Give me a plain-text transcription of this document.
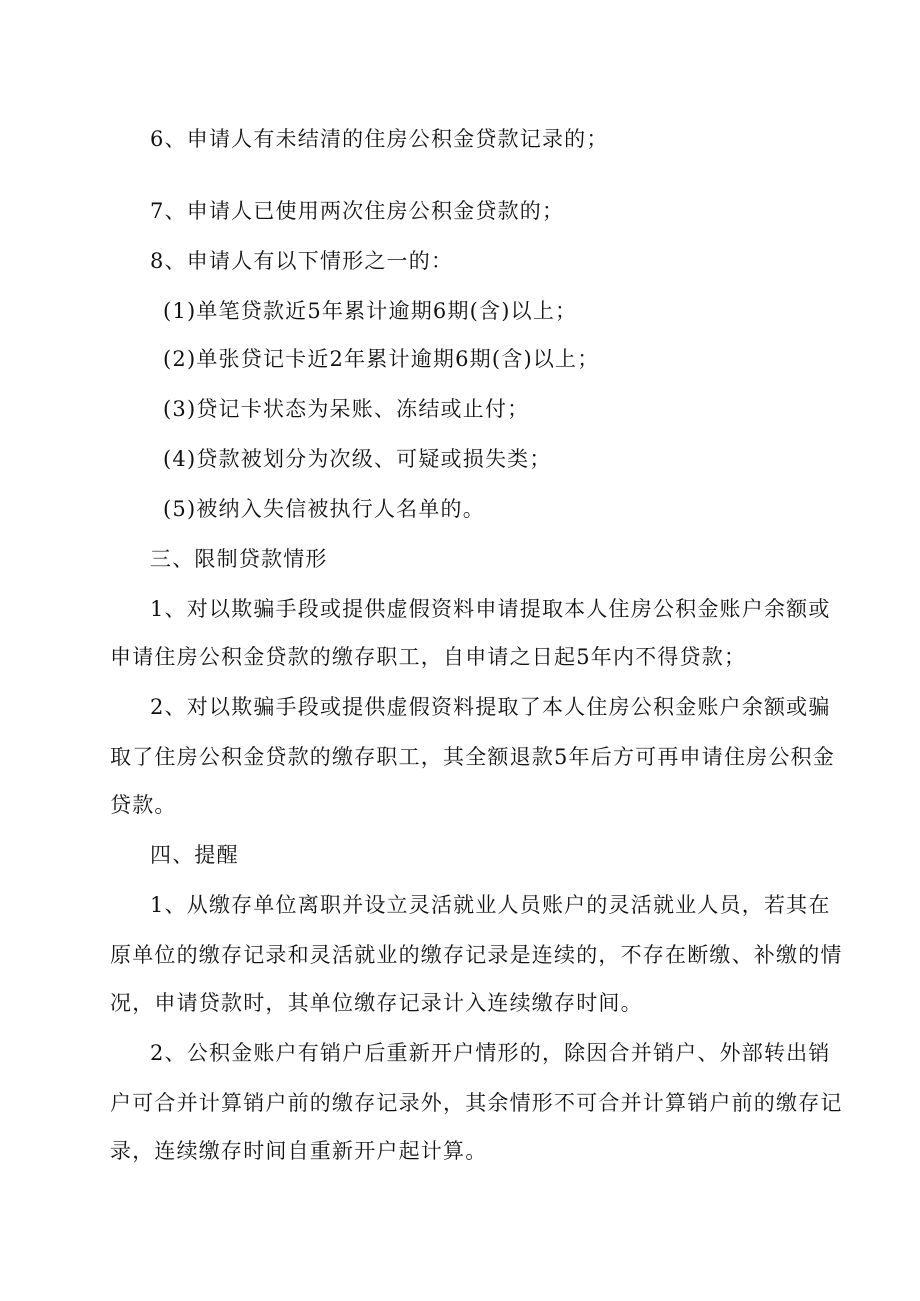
6、申请人有未结清的住房公积金贷款记录的；
7、申请人已使用两次住房公积金贷款的；
8、申请人有以下情形之一的：
(1)单笔贷款近5年累计逾期6期(含)以上；
(2)单张贷记卡近2年累计逾期6期(含)以上；
(3)贷记卡状态为呆账、冻结或止付；
(4)贷款被划分为次级、可疑或损失类；
(5)被纳入失信被执行人名单的。
三、限制贷款情形
1、对以欺骗手段或提供虚假资料申请提取本人住房公积金账户余额或
申请住房公积金贷款的缴存职工，自申请之日起5年内不得贷款；
2、对以欺骗手段或提供虚假资料提取了本人住房公积金账户余额或骗
取了住房公积金贷款的缴存职工，其全额退款5年后方可再申请住房公积金
贷款。
四、提醒
1、从缴存单位离职并设立灵活就业人员账户的灵活就业人员，若其在
原单位的缴存记录和灵活就业的缴存记录是连续的，不存在断缴、补缴的情
况，申请贷款时，其单位缴存记录计入连续缴存时间。
2、公积金账户有销户后重新开户情形的，除因合并销户、外部转出销
户可合并计算销户前的缴存记录外，其余情形不可合并计算销户前的缴存记
录，连续缴存时间自重新开户起计算。
